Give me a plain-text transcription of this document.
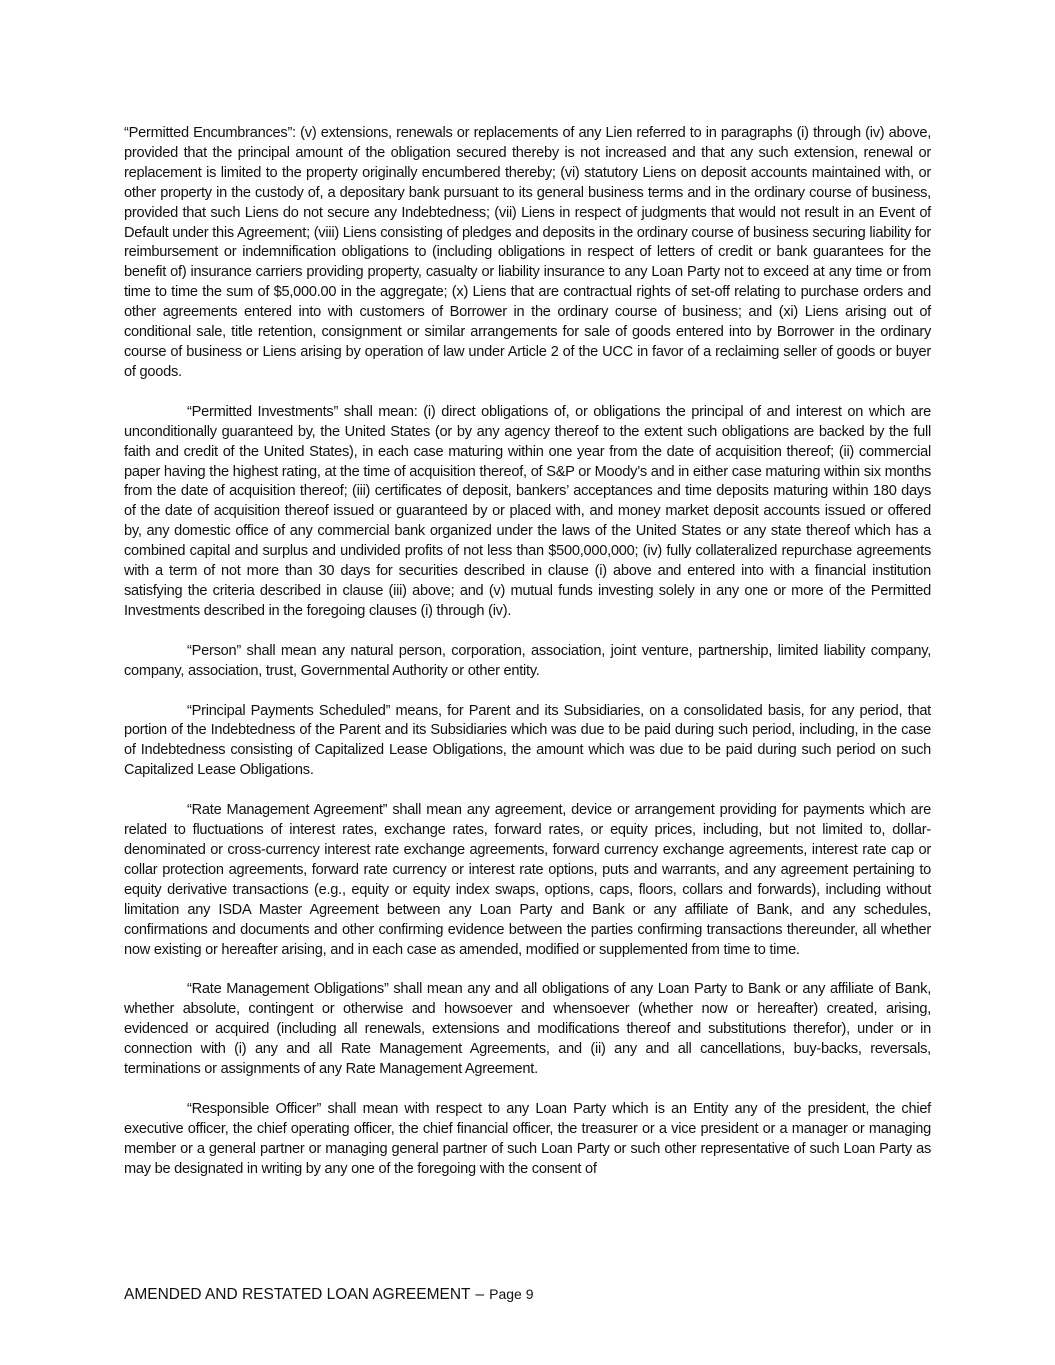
“Permitted Encumbrances”: (v) extensions, renewals or replacements of any Lien referred to in paragraphs (i) through (iv) above, provided that the principal amount of the obligation secured thereby is not increased and that any such extension, renewal or replacement is limited to the property originally encumbered thereby; (vi) statutory Liens on deposit accounts maintained with, or other property in the custody of, a depositary bank pursuant to its general business terms and in the ordinary course of business, provided that such Liens do not secure any Indebtedness; (vii) Liens in respect of judgments that would not result in an Event of Default under this Agreement; (viii) Liens consisting of pledges and deposits in the ordinary course of business securing liability for reimbursement or indemnification obligations to (including obligations in respect of letters of credit or bank guarantees for the benefit of) insurance carriers providing property, casualty or liability insurance to any Loan Party not to exceed at any time or from time to time the sum of $5,000.00 in the aggregate; (x) Liens that are contractual rights of set-off relating to purchase orders and other agreements entered into with customers of Borrower in the ordinary course of business; and (xi) Liens arising out of conditional sale, title retention, consignment or similar arrangements for sale of goods entered into by Borrower in the ordinary course of business or Liens arising by operation of law under Article 2 of the UCC in favor of a reclaiming seller of goods or buyer of goods.

“Permitted Investments” shall mean: (i) direct obligations of, or obligations the principal of and interest on which are unconditionally guaranteed by, the United States (or by any agency thereof to the extent such obligations are backed by the full faith and credit of the United States), in each case maturing within one year from the date of acquisition thereof; (ii) commercial paper having the highest rating, at the time of acquisition thereof, of S&P or Moody’s and in either case maturing within six months from the date of acquisition thereof; (iii) certificates of deposit, bankers’ acceptances and time deposits maturing within 180 days of the date of acquisition thereof issued or guaranteed by or placed with, and money market deposit accounts issued or offered by, any domestic office of any commercial bank organized under the laws of the United States or any state thereof which has a combined capital and surplus and undivided profits of not less than $500,000,000; (iv) fully collateralized repurchase agreements with a term of not more than 30 days for securities described in clause (i) above and entered into with a financial institution satisfying the criteria described in clause (iii) above; and (v) mutual funds investing solely in any one or more of the Permitted Investments described in the foregoing clauses (i) through (iv).

“Person” shall mean any natural person, corporation, association, joint venture, partnership, limited liability company, company, association, trust, Governmental Authority or other entity.

“Principal Payments Scheduled” means, for Parent and its Subsidiaries, on a consolidated basis, for any period, that portion of the Indebtedness of the Parent and its Subsidiaries which was due to be paid during such period, including, in the case of Indebtedness consisting of Capitalized Lease Obligations, the amount which was due to be paid during such period on such Capitalized Lease Obligations.

“Rate Management Agreement” shall mean any agreement, device or arrangement providing for payments which are related to fluctuations of interest rates, exchange rates, forward rates, or equity prices, including, but not limited to, dollar-denominated or cross-currency interest rate exchange agreements, forward currency exchange agreements, interest rate cap or collar protection agreements, forward rate currency or interest rate options, puts and warrants, and any agreement pertaining to equity derivative transactions (e.g., equity or equity index swaps, options, caps, floors, collars and forwards), including without limitation any ISDA Master Agreement between any Loan Party and Bank or any affiliate of Bank, and any schedules, confirmations and documents and other confirming evidence between the parties confirming transactions thereunder, all whether now existing or hereafter arising, and in each case as amended, modified or supplemented from time to time.

“Rate Management Obligations” shall mean any and all obligations of any Loan Party to Bank or any affiliate of Bank, whether absolute, contingent or otherwise and howsoever and whensoever (whether now or hereafter) created, arising, evidenced or acquired (including all renewals, extensions and modifications thereof and substitutions therefor), under or in connection with (i) any and all Rate Management Agreements, and (ii) any and all cancellations, buy-backs, reversals, terminations or assignments of any Rate Management Agreement.

“Responsible Officer” shall mean with respect to any Loan Party which is an Entity any of the president, the chief executive officer, the chief operating officer, the chief financial officer, the treasurer or a vice president or a manager or managing member or a general partner or managing general partner of such Loan Party or such other representative of such Loan Party as may be designated in writing by any one of the foregoing with the consent of

AMENDED AND RESTATED LOAN AGREEMENT – Page 9
